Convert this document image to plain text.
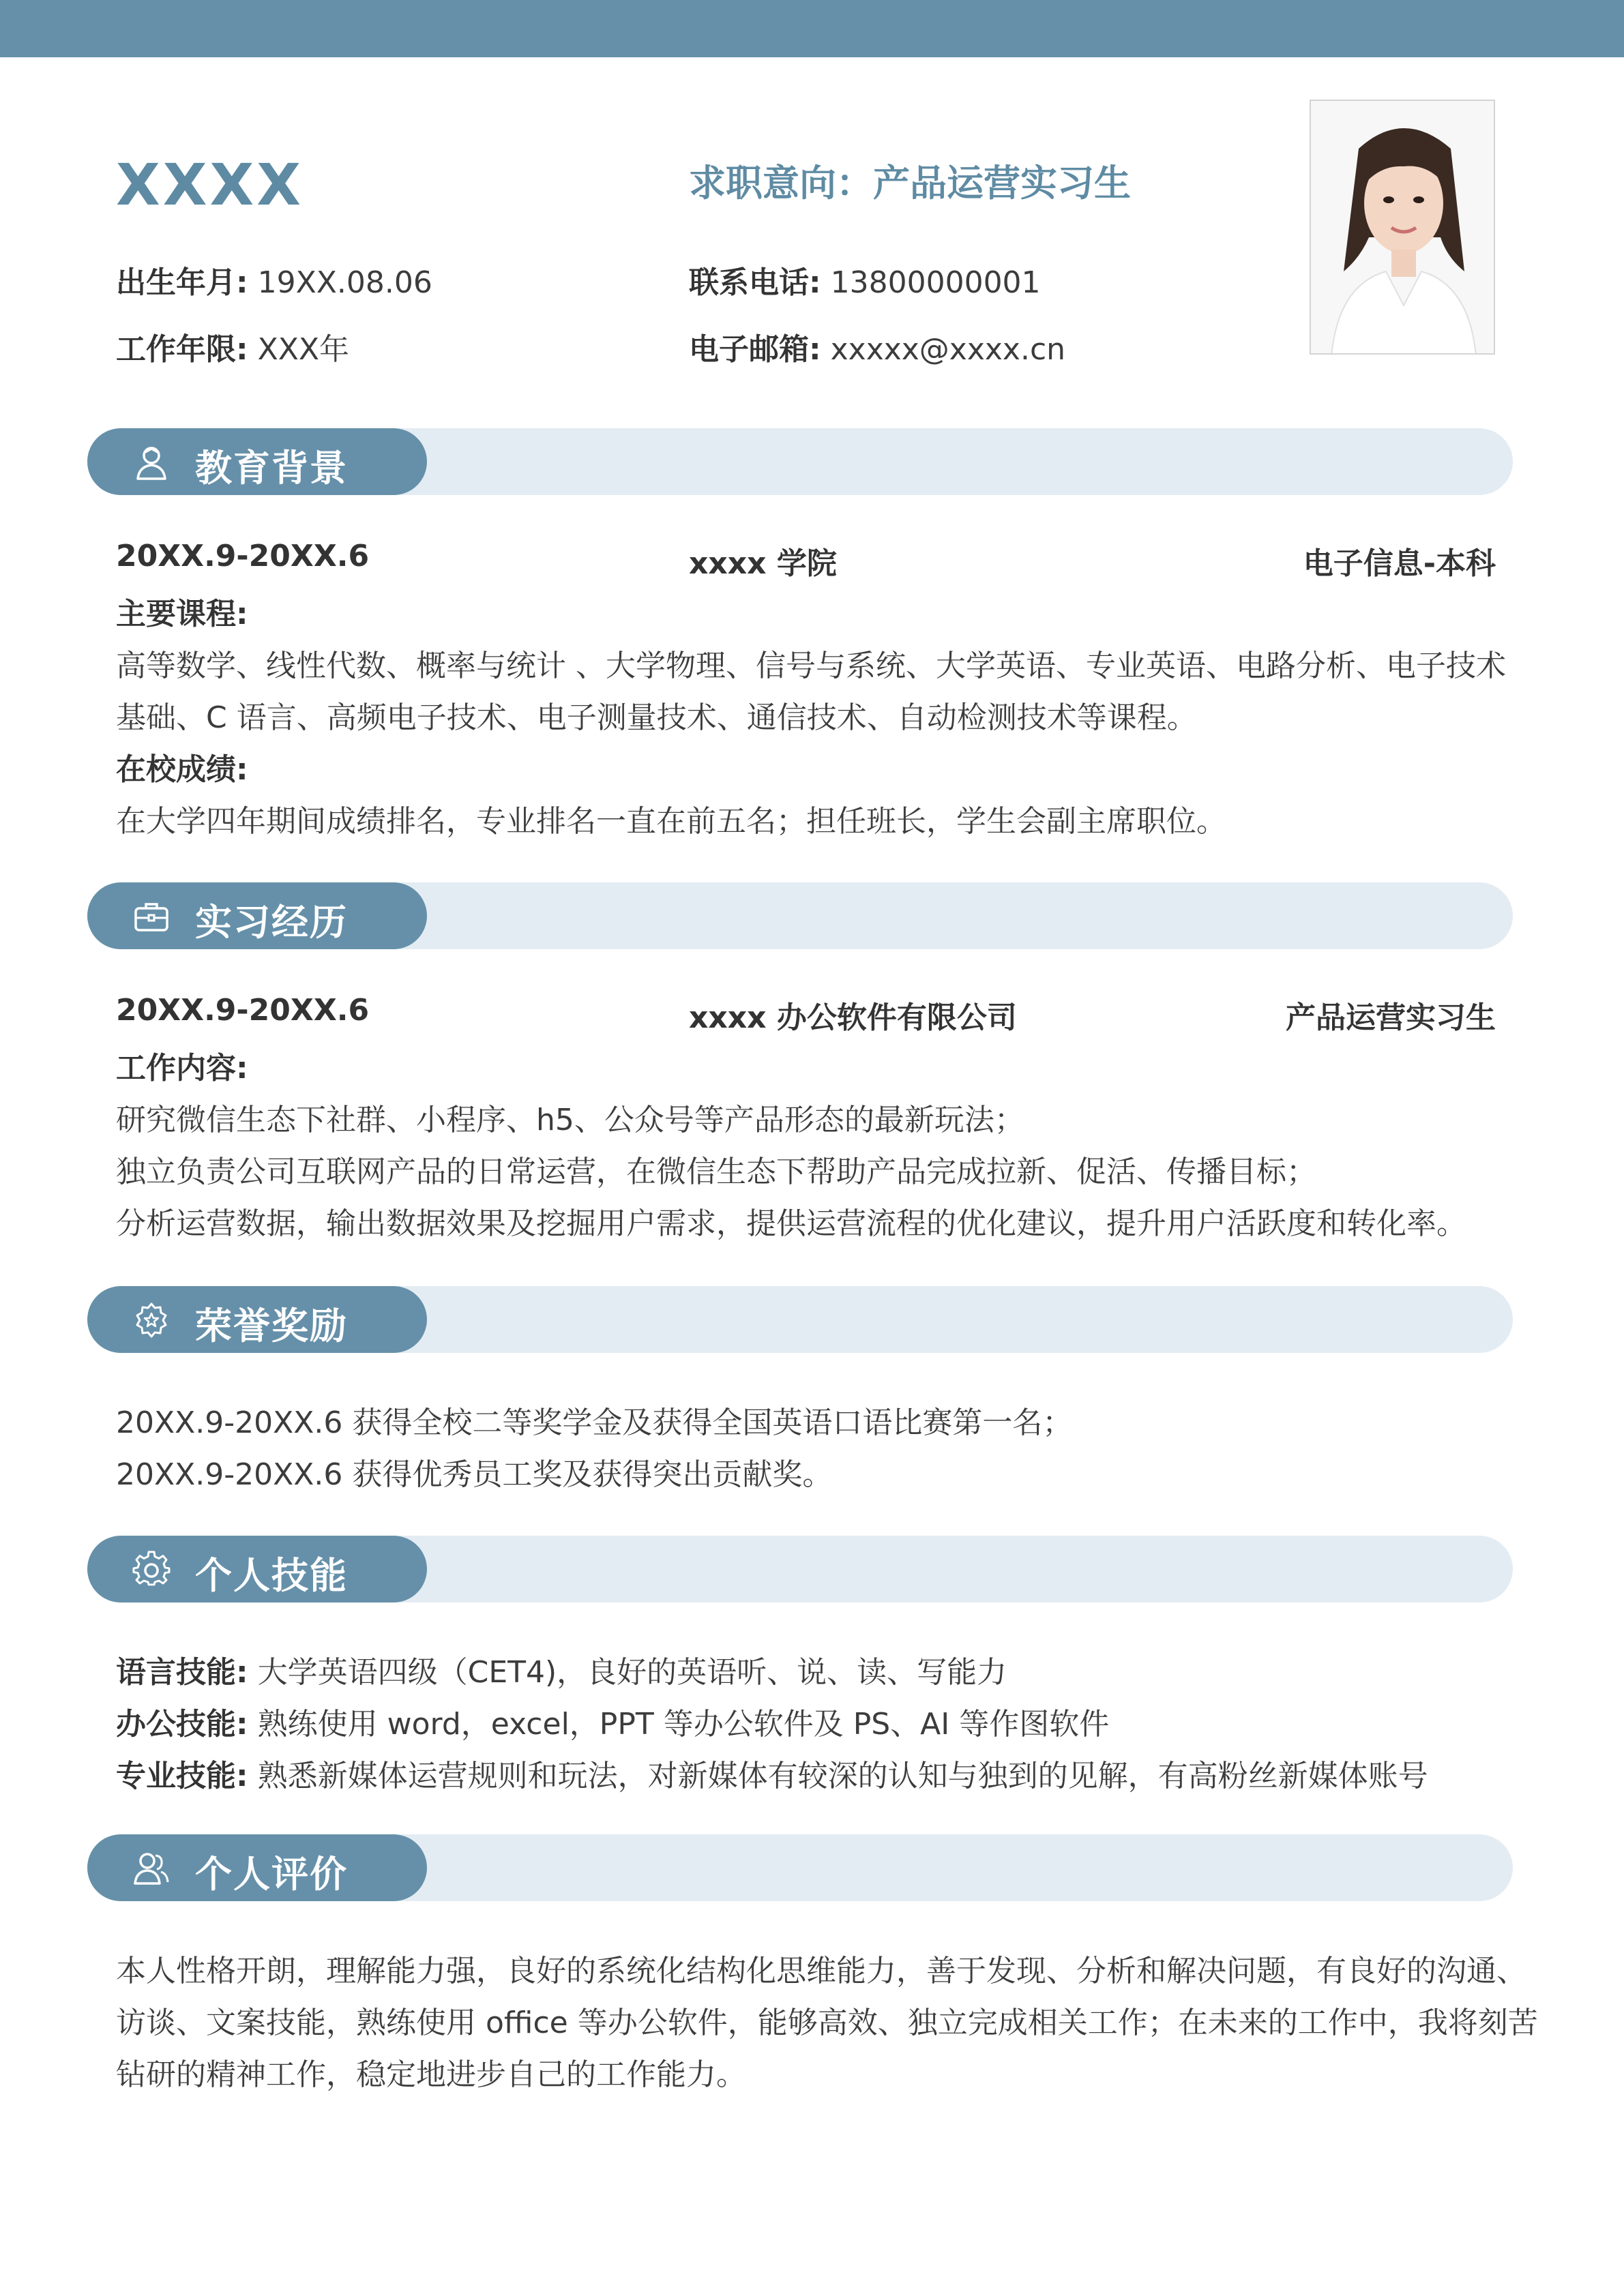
XXXX	求职意向：产品运营实习生
出生年月: 19XX.08.06
工作年限: XXX年
联系电话: 13800000001
电子邮箱: xxxxx@xxxx.cn
教育背景
20XX.9-20XX.6	xxxx 学院	电子信息-本科
主要课程:
高等数学、线性代数、概率与统计 、大学物理、信号与系统、大学英语、专业英语、电路分析、电子技术
基础、C 语言、高频电子技术、电子测量技术、通信技术、自动检测技术等课程。
在校成绩:
在大学四年期间成绩排名，专业排名一直在前五名；担任班长，学生会副主席职位。
实习经历
20XX.9-20XX.6	xxxx 办公软件有限公司	产品运营实习生
工作内容:
研究微信生态下社群、小程序、h5、公众号等产品形态的最新玩法；
独立负责公司互联网产品的日常运营，在微信生态下帮助产品完成拉新、促活、传播目标；
分析运营数据，输出数据效果及挖掘用户需求，提供运营流程的优化建议，提升用户活跃度和转化率。
荣誉奖励
20XX.9-20XX.6 获得全校二等奖学金及获得全国英语口语比赛第一名；
20XX.9-20XX.6 获得优秀员工奖及获得突出贡献奖。
个人技能
语言技能: 大学英语四级（CET4)，良好的英语听、说、读、写能力
办公技能: 熟练使用 word，excel，PPT 等办公软件及 PS、AI 等作图软件
专业技能: 熟悉新媒体运营规则和玩法，对新媒体有较深的认知与独到的见解，有高粉丝新媒体账号
个人评价
本人性格开朗，理解能力强，良好的系统化结构化思维能力，善于发现、分析和解决问题，有良好的沟通、
访谈、文案技能，熟练使用 office 等办公软件，能够高效、独立完成相关工作；在未来的工作中，我将刻苦
钻研的精神工作，稳定地进步自己的工作能力。
